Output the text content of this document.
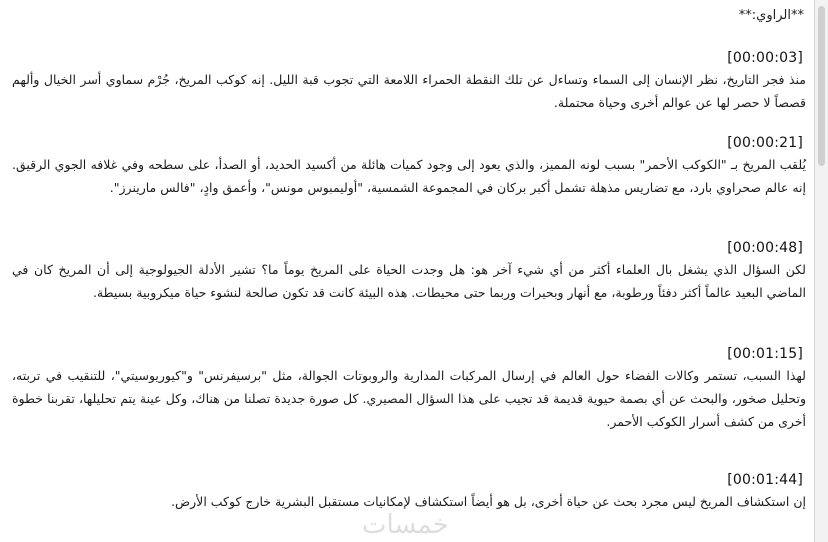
**الراوي:**
[00:00:03]
منذ فجر التاريخ، نظر الإنسان إلى السماء وتساءل عن تلك النقطة الحمراء اللامعة التي تجوب قبة الليل. إنه كوكب المريخ، جُرْم سماوي أسر الخيال وألهم قصصاً لا حصر لها عن عوالم أخرى وحياة محتملة.
[00:00:21]
يُلقب المريخ بـ "الكوكب الأحمر" بسبب لونه المميز، والذي يعود إلى وجود كميات هائلة من أكسيد الحديد، أو الصدأ، على سطحه وفي غلافه الجوي الرقيق. إنه عالم صحراوي بارد، مع تضاريس مذهلة تشمل أكبر بركان في المجموعة الشمسية، "أوليمبوس مونس"، وأعمق وادٍ، "فالس مارينرز".
[00:00:48]
لكن السؤال الذي يشغل بال العلماء أكثر من أي شيء آخر هو: هل وجدت الحياة على المريخ يوماً ما؟ تشير الأدلة الجيولوجية إلى أن المريخ كان في الماضي البعيد عالماً أكثر دفئاً ورطوبة، مع أنهار وبحيرات وربما حتى محيطات. هذه البيئة كانت قد تكون صالحة لنشوء حياة ميكروبية بسيطة.
[00:01:15]
لهذا السبب، تستمر وكالات الفضاء حول العالم في إرسال المركبات المدارية والروبوتات الجوالة، مثل "برسيفرنس" و"كيوريوسيتي"، للتنقيب في تربته، وتحليل صخور، والبحث عن أي بصمة حيوية قديمة قد تجيب على هذا السؤال المصيري. كل صورة جديدة تصلنا من هناك، وكل عينة يتم تحليلها، تقربنا خطوة أخرى من كشف أسرار الكوكب الأحمر.
[00:01:44]
إن استكشاف المريخ ليس مجرد بحث عن حياة أخرى، بل هو أيضاً استكشاف لإمكانيات مستقبل البشرية خارج كوكب الأرض.
خمسات
